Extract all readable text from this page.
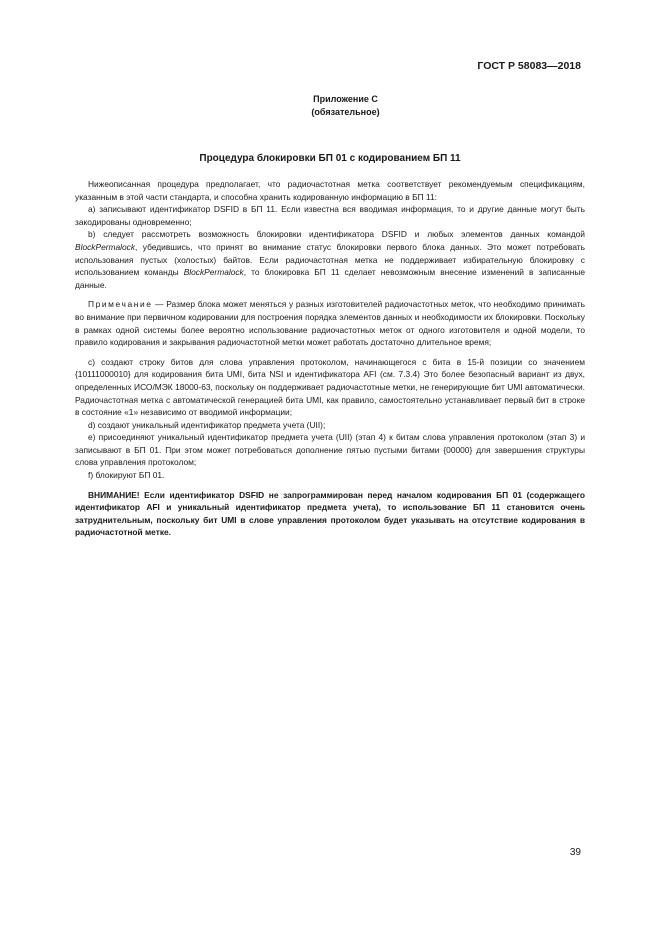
ГОСТ Р 58083—2018
Приложение С
(обязательное)
Процедура блокировки БП 01 с кодированием БП 11

Нижеописанная процедура предполагает, что радиочастотная метка соответствует рекомендуемым спецификациям, указанным в этой части стандарта, и способна хранить кодированную информацию в БП 11:

а) записывают идентификатор DSFID в БП 11. Если известна вся вводимая информация, то и другие данные могут быть закодированы одновременно;

b) следует рассмотреть возможность блокировки идентификатора DSFID и любых элементов данных командой BlockPermalock, убедившись, что принят во внимание статус блокировки первого блока данных. Это может потребовать использования пустых (холостых) байтов. Если радиочастотная метка не поддерживает избирательную блокировку с использованием команды BlockPermalock, то блокировка БП 11 сделает невозможным внесение изменений в записанные данные.

Примечание — Размер блока может меняться у разных изготовителей радиочастотных меток, что необходимо принимать во внимание при первичном кодировании для построения порядка элементов данных и необходимости их блокировки. Поскольку в рамках одной системы более вероятно использование радиочастотных меток от одного изготовителя и одной модели, то правило кодирования и закрывания радиочастотной метки может работать достаточно длительное время;

с) создают строку битов для слова управления протоколом, начинающегося с бита в 15-й позиции со значением {10111000010} для кодирования бита UMI, бита NSI и идентификатора AFI (см. 7.3.4) Это более безопасный вариант из двух, определенных ИСО/МЭК 18000-63, поскольку он поддерживает радиочастотные метки, не генерирующие бит UMI автоматически. Радиочастотная метка с автоматической генерацией бита UMI, как правило, самостоятельно устанавливает первый бит в строке в состояние «1» независимо от вводимой информации;

d) создают уникальный идентификатор предмета учета (UII);

е) присоединяют уникальный идентификатор предмета учета (UII) (этап 4) к битам слова управления протоколом (этап 3) и записывают в БП 01. При этом может потребоваться дополнение пятью пустыми битами {00000} для завершения структуры слова управления протоколом;

f) блокируют БП 01.

ВНИМАНИЕ! Если идентификатор DSFID не запрограммирован перед началом кодирования БП 01 (содержащего идентификатор AFI и уникальный идентификатор предмета учета), то использование БП 11 становится очень затруднительным, поскольку бит UMI в слове управления протоколом будет указывать на отсутствие кодирования в радиочастотной метке.

39
